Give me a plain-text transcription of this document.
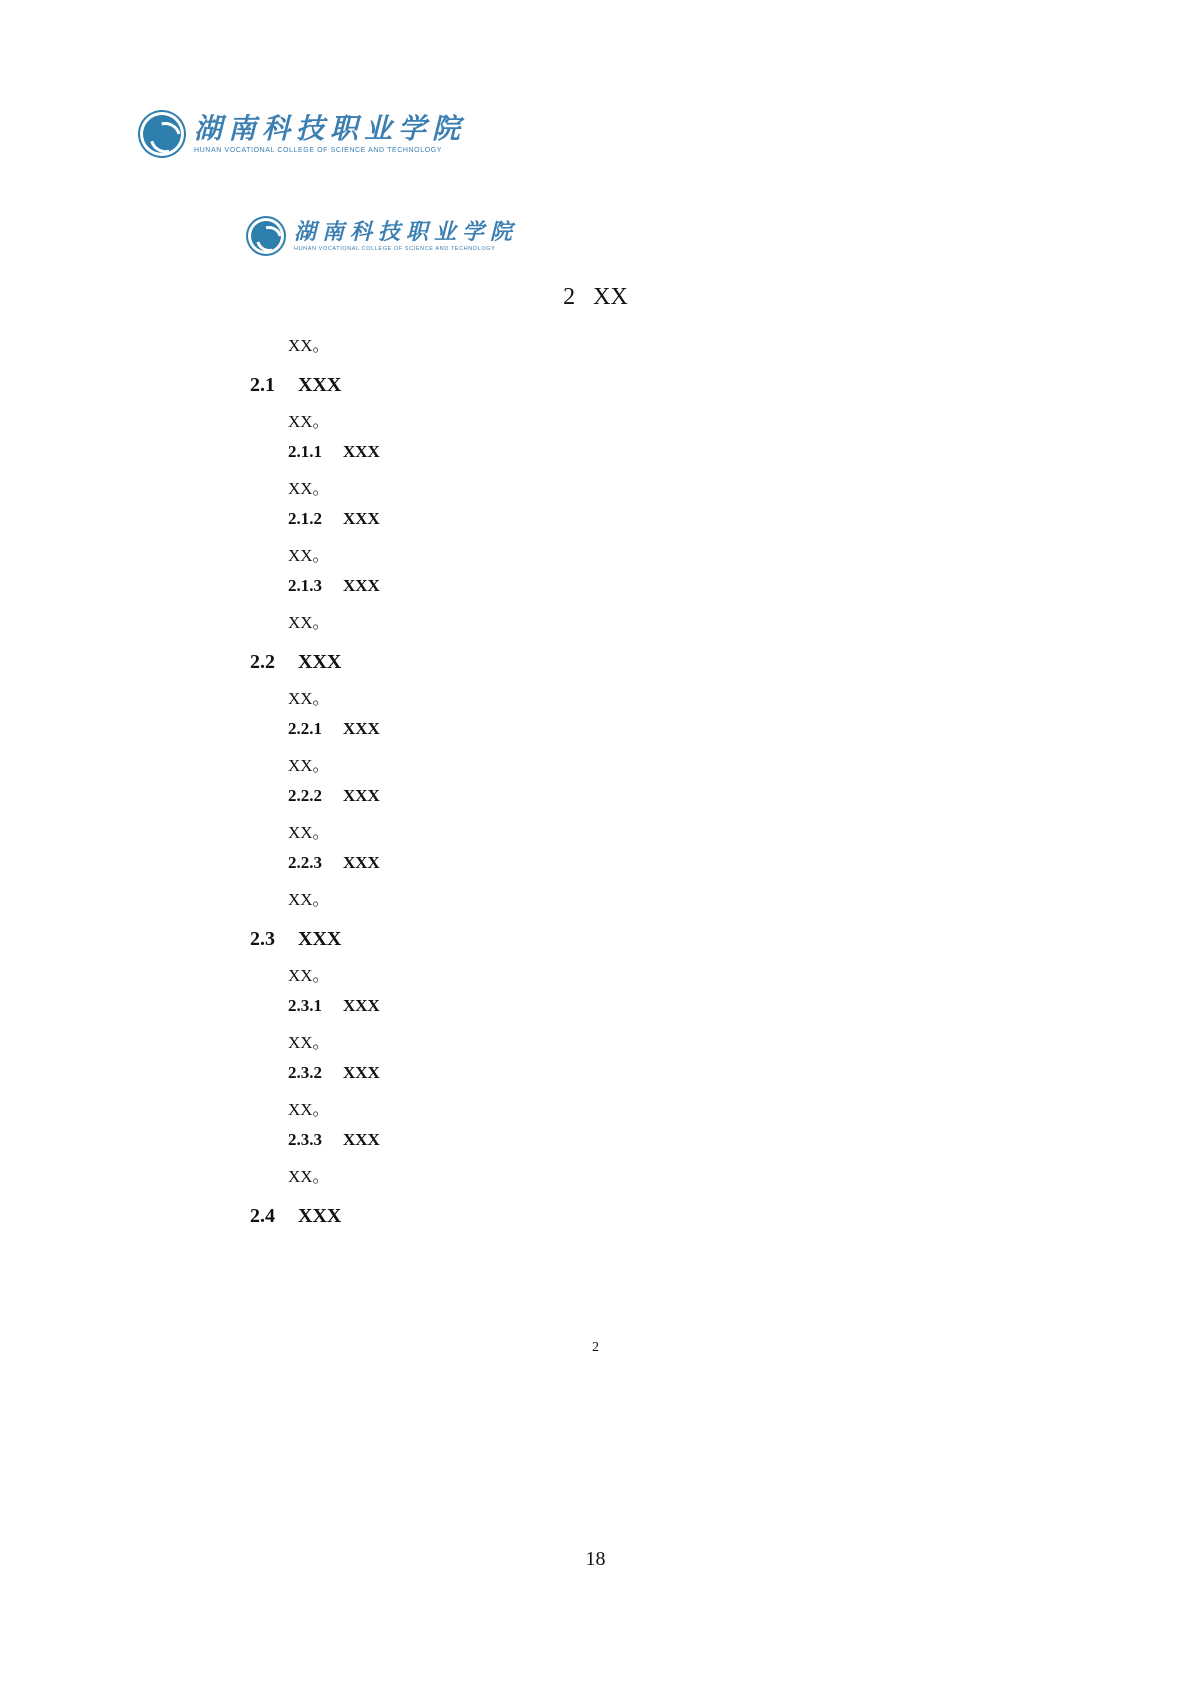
湖南科技职业学院
HUNAN VOCATIONAL COLLEGE OF SCIENCE AND TECHNOLOGY
湖南科技职业学院
HUNAN VOCATIONAL COLLEGE OF SCIENCE AND TECHNOLOGY
2 XX
XX。
2.1 XXX
XX。
2.1.1 XXX
XX。
2.1.2 XXX
XX。
2.1.3 XXX
XX。
2.2 XXX
XX。
2.2.1 XXX
XX。
2.2.2 XXX
XX。
2.2.3 XXX
XX。
2.3 XXX
XX。
2.3.1 XXX
XX。
2.3.2 XXX
XX。
2.3.3 XXX
XX。
2.4 XXX
2
18
